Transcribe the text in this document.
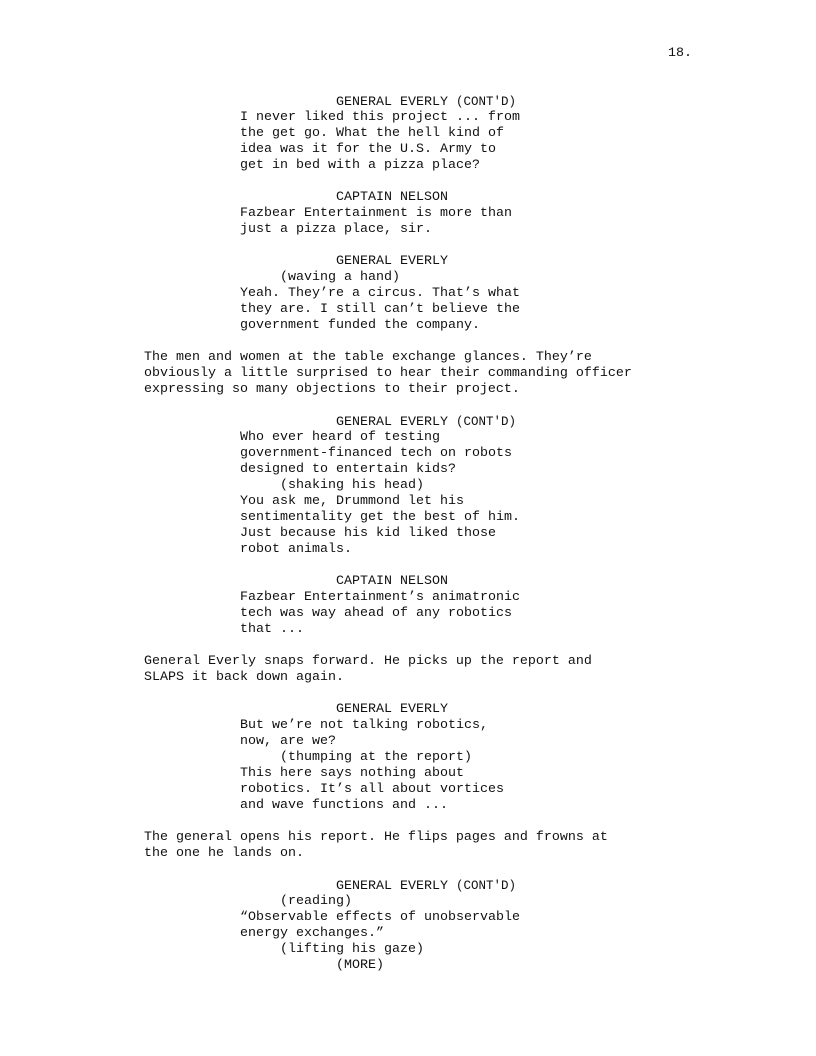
18.
GENERAL EVERLY (CONT'D)
I never liked this project ... from
the get go. What the hell kind of
idea was it for the U.S. Army to
get in bed with a pizza place?
CAPTAIN NELSON
Fazbear Entertainment is more than
just a pizza place, sir.
GENERAL EVERLY
(waving a hand)
Yeah. They’re a circus. That’s what
they are. I still can’t believe the
government funded the company.
The men and women at the table exchange glances. They’re
obviously a little surprised to hear their commanding officer
expressing so many objections to their project.
GENERAL EVERLY (CONT'D)
Who ever heard of testing
government-financed tech on robots
designed to entertain kids?
(shaking his head)
You ask me, Drummond let his
sentimentality get the best of him.
Just because his kid liked those
robot animals.
CAPTAIN NELSON
Fazbear Entertainment’s animatronic
tech was way ahead of any robotics
that ...
General Everly snaps forward. He picks up the report and
SLAPS it back down again.
GENERAL EVERLY
But we’re not talking robotics,
now, are we?
(thumping at the report)
This here says nothing about
robotics. It’s all about vortices
and wave functions and ...
The general opens his report. He flips pages and frowns at
the one he lands on.
GENERAL EVERLY (CONT'D)
(reading)
“Observable effects of unobservable
energy exchanges.”
(lifting his gaze)
(MORE)
